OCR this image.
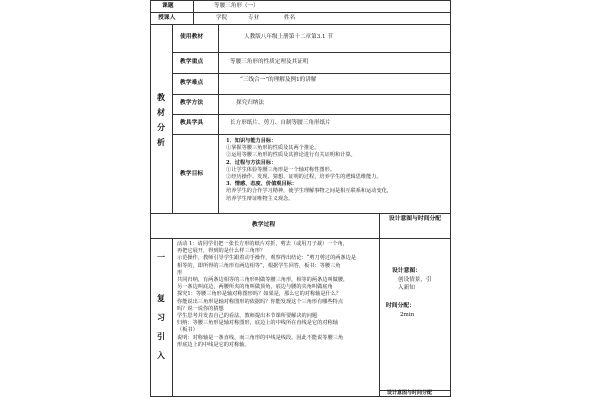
课题	等腰三角形（一）
授课人	学院	专业	姓名
教
材
分
析
使用教材	人教版八年级上册第十二章第3.1 节
教学重点	等腰三角形的性质定理及其证明
教学难点	“三线合一”的理解及例1的讲解
教学方法	探究归纳法
教具学具	长方形纸片、剪刀、自制等腰三角形纸片
教学目标
1．知识与能力目标：
①掌握等腰三角形的性质及其两个推论。
②运用等腰三角形的性质及其推论进行有关证明和计算。
2．过程与方法目标：
①让学生体验等腰三角形是一个轴对称性图形。
②经历操作、发现、猜想、证明的过程，培养学生的逻辑思维能力。
3．情感、态度、价值观目标：
培养学生的合作学习精神，使学生理解事物之间是相互联系和运动变化，
培养学生辩证唯物主义观念。
教学过程
设计意图与时间分配
一
复
习
引
入
活动 1：请同学们把一张长方形的纸片对折，剪去（或用刀子裁）一个角，
再把它展开，得到的是什么样三角形？
示范操作，教师引导学生跟着动手操作，观察得出结论：“剪刀剪过的两条边是
相等的，即所得的三角形有两边相等”，根据学生回答，板书：等腰三角
形
共同归纳，有两条边相等的三角形叫做等腰三角形，相等的两条边叫做腰，
另一条边叫底边，两腰所夹的角叫做顶角，底边与腰的夹角叫做底角
探究1：等腰三角形是轴对称图形吗？如果是，那么它的对称轴是什么？
你能说出三角形是轴对称图形的依据吗？你能发现这个三角形有哪些特点
吗？说一说你的猜想
学生思考并发表自己的看法，教师提出本节课所要解决的问题
归纳：等腰三角形是轴对称图形，底边上的中线所在直线是它的对称轴
（板书）
说明：对称轴是一条直线，而三角形的中线是线段，因此不能说等腰三角
形底边上的中线是它的对称轴。
设计意图：
创设情景，引
入新知
时间分配：
2min
设计意图与时间分配
